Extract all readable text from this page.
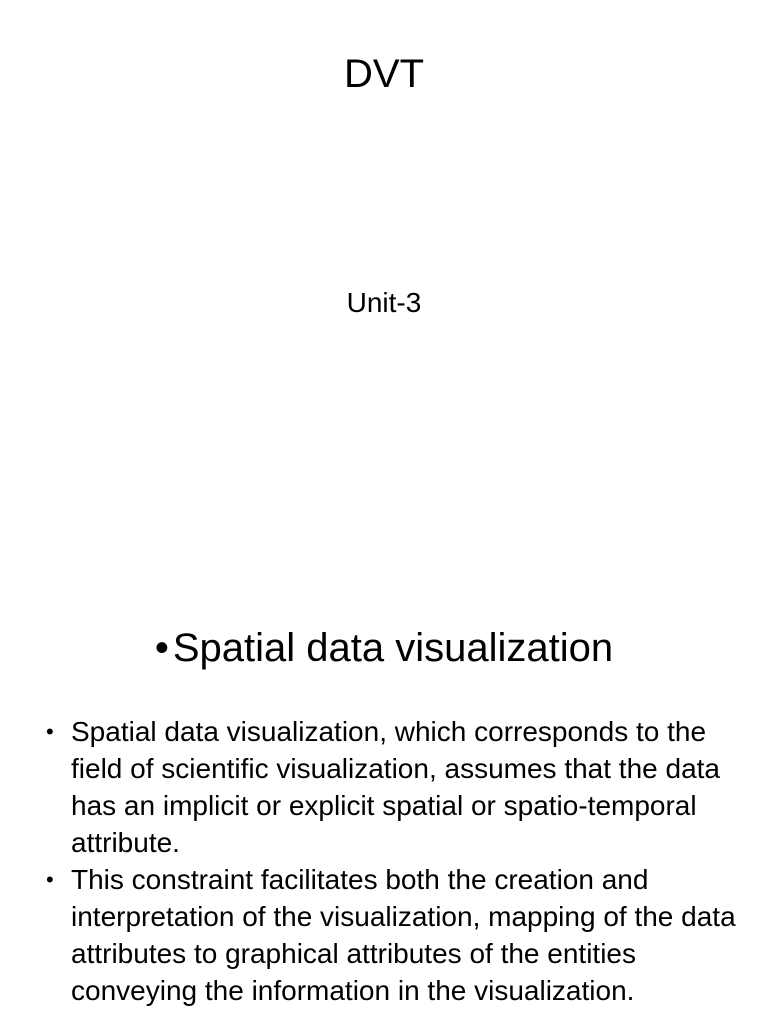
DVT
Unit-3
• Spatial data visualization
• Spatial data visualization, which corresponds to the field of scientific visualization, assumes that the data has an implicit or explicit spatial or spatio-temporal attribute.
• This constraint facilitates both the creation and interpretation of the visualization, mapping of the data attributes to graphical attributes of the entities conveying the information in the visualization.
